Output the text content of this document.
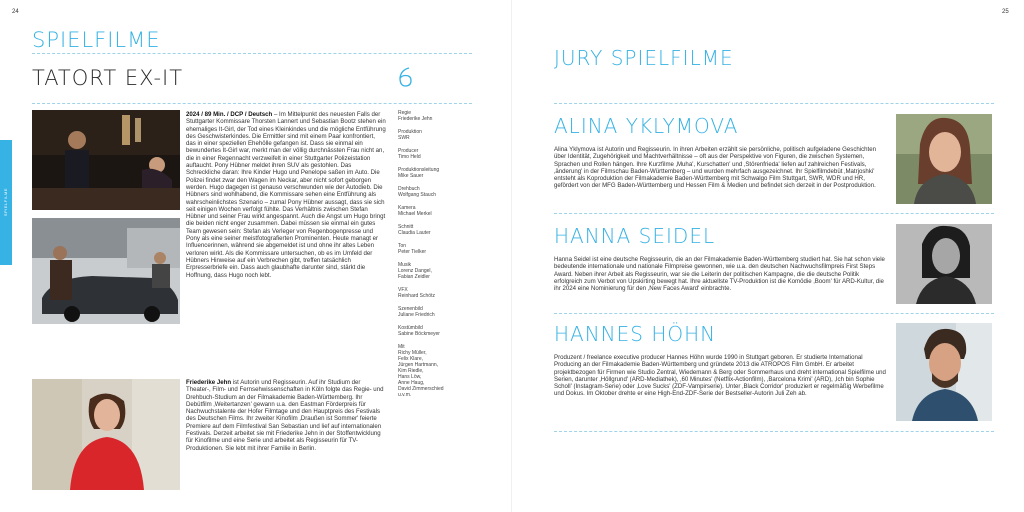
24
SPIELFILME
TATORT EX-IT
SPIELFILME
2024 / 89 Min. / DCP / Deutsch – Im Mittelpunkt des neuesten Falls der Stuttgarter Kommissare Thorsten Lannert und Sebastian Bootz stehen ein ehemaliges It-Girl, der Tod eines Kleinkindes und die mögliche Entführung des Geschwisterkindes. Die Ermittler sind mit einem Paar konfrontiert, das in einer speziellen Ehehölle gefangen ist. Dass sie einmal ein bewundertes It-Girl war, merkt man der völlig durchnässten Frau nicht an, die in einer Regennacht verzweifelt in einer Stuttgarter Polizeistation auftaucht. Pony Hübner meldet ihren SUV als gestohlen. Das Schreckliche daran: Ihre Kinder Hugo und Penelope saßen im Auto. Die Polizei findet zwar den Wagen im Neckar, aber nicht sofort geborgen werden. Hugo dagegen ist genauso verschwunden wie der Autodieb. Die Hübners sind wohlhabend, die Kommissare sehen eine Entführung als wahrscheinlichstes Szenario – zumal Pony Hübner aussagt, dass sie sich seit einigen Wochen verfolgt fühlte. Das Verhältnis zwischen Stefan Hübner und seiner Frau wirkt angespannt. Auch die Angst um Hugo bringt die beiden nicht enger zusammen. Dabei müssen sie einmal ein gutes Team gewesen sein: Stefan als Verleger von Regenbogenpresse und Pony als eine seiner meistfotografierten Prominenten. Heute managt er Influencerinnen, während sie abgemeldet ist und ohne ihr altes Leben verloren wirkt. Als die Kommissare untersuchen, ob es im Umfeld der Hübners Hinweise auf ein Verbrechen gibt, treffen tatsächlich Erpresserbriefe ein. Dass auch glaubhafte darunter sind, stärkt die Hoffnung, dass Hugo noch lebt.
Friederike Jehn ist Autorin und Regisseurin. Auf ihr Studium der Theater-, Film- und Fernsehwissenschaften in Köln folgte das Regie- und Drehbuch-Studium an der Filmakademie Baden-Württemberg. Ihr Debütfilm ‚Weitertanzen' gewann u.a. den Eastman Förderpreis für Nachwuchstalente der Hofer Filmtage und den Hauptpreis des Festivals des Deutschen Films. Ihr zweiter Kinofilm ‚Draußen ist Sommer' feierte Premiere auf dem Filmfestival San Sebastian und lief auf internationalen Festivals. Derzeit arbeitet sie mit Friederike Jehn in der Stoffentwicklung für Kinofilme und eine Serie und arbeitet als Regisseurin für TV-Produktionen. Sie lebt mit ihrer Familie in Berlin.
Regie
Friederike Jehn
Produktion
SWR
Producer
Timo Held
Produktionsleitung
Mike Sauer
Drehbuch
Wolfgang Stauch
Kamera
Michael Merkel
Schnitt
Claudia Lauter
Ton
Peter Tielker
Musik
Lorenz Dangel,
Fabian Zeidler
VFX
Reinhard Schötz
Szenenbild
Juliane Friedrich
Kostümbild
Sabine Böckmeyer
Mit
Richy Müller,
Felix Klare,
Jürgen Hartmann,
Kim Riedle,
Hans Löw,
Anne Haug,
David Zimmerschied
u.v.m.
25
JURY SPIELFILME
ALINA YKLYMOVA
Alina Yklymova ist Autorin und Regisseurin. In ihren Arbeiten erzählt sie persönliche, politisch aufgeladene Geschichten über Identität, Zugehörigkeit und Machtverhältnisse – oft aus der Perspektive von Figuren, die zwischen Systemen, Sprachen und Rollen hängen. Ihre Kurzfilme ‚Muha', Kurschatten' und ‚Störenfrieda' liefen auf zahlreichen Festivals, ‚änderung' in der Filmschau Baden-Württemberg – und wurden mehrfach ausgezeichnet. Ihr Spielfilmdebüt ‚Matrjoshki' entsteht als Koproduktion der Filmakademie Baden-Württemberg mit Schwalgo Film Stuttgart, SWR, WDR und HR, gefördert von der MFG Baden-Württemberg und Hessen Film & Medien und befindet sich derzeit in der Postproduktion.
HANNA SEIDEL
Hanna Seidel ist eine deutsche Regisseurin, die an der Filmakademie Baden-Württemberg studiert hat. Sie hat schon viele bedeutende internationale und nationale Filmpreise gewonnen, wie u.a. den deutschen Nachwuchsfilmpreis First Steps Award. Neben ihrer Arbeit als Regisseurin, war sie die Leiterin der politischen Kampagne, die die deutsche Politik erfolgreich zum Verbot von Upskirting bewegt hat. Ihre aktuellste TV-Produktion ist die Komödie ‚Boom' für ARD-Kultur, die ihr 2024 eine Nominierung für den ‚New Faces Award' einbrachte.
HANNES HÖHN
Produzent / freelance executive producer Hannes Höhn wurde 1990 in Stuttgart geboren. Er studierte International Producing an der Filmakademie Baden-Württemberg und gründete 2013 die ATROPOS Film GmbH. Er arbeitet projektbezogen für Firmen wie Studio Zentral, Wiedemann & Berg oder Sommerhaus und dreht international Spielfilme und Serien, darunter ‚Höllgrund' (ARD-Mediathek), ‚60 Minutes' (Netflix-Actionfilm), ‚Barcelona Krimi' (ARD), ‚Ich bin Sophie Scholl' (Instagram-Serie) oder ‚Love Sucks' (ZDF-Vampirserie). Unter ‚Black Corridor' produziert er regelmäßig Werbefilme und Dokus. Im Oktober drehte er eine High-End-ZDF-Serie der Bestseller-Autorin Juli Zeh ab.
